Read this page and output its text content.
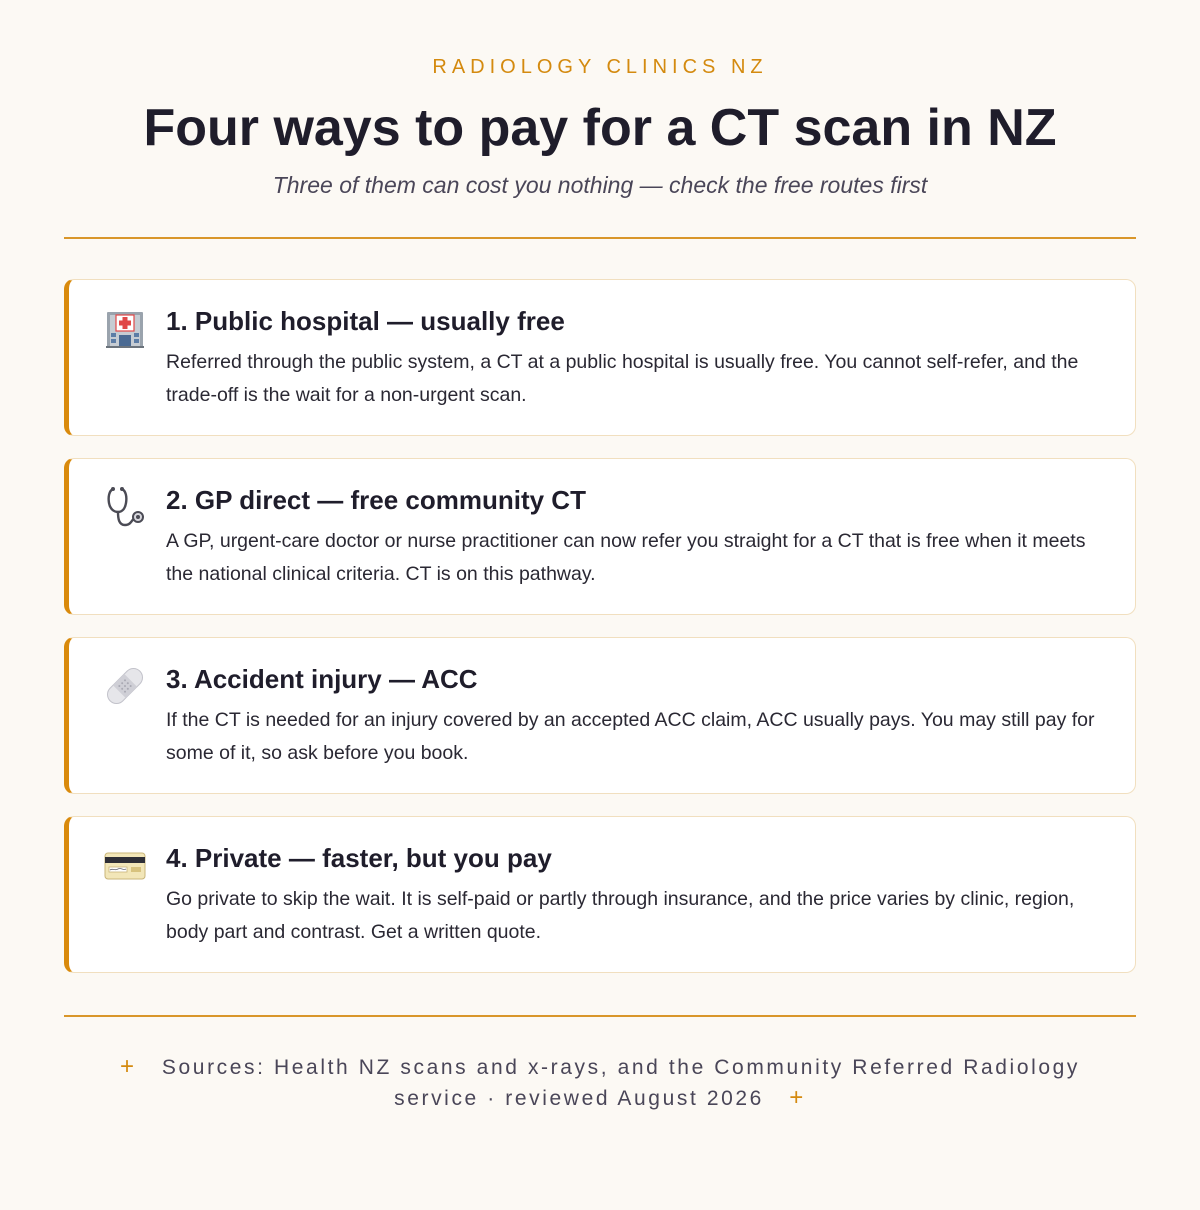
RADIOLOGY CLINICS NZ
Four ways to pay for a CT scan in NZ
Three of them can cost you nothing — check the free routes first
1. Public hospital — usually free
Referred through the public system, a CT at a public hospital is usually free. You cannot self-refer, and the trade-off is the wait for a non-urgent scan.
2. GP direct — free community CT
A GP, urgent-care doctor or nurse practitioner can now refer you straight for a CT that is free when it meets the national clinical criteria. CT is on this pathway.
3. Accident injury — ACC
If the CT is needed for an injury covered by an accepted ACC claim, ACC usually pays. You may still pay for some of it, so ask before you book.
4. Private — faster, but you pay
Go private to skip the wait. It is self-paid or partly through insurance, and the price varies by clinic, region, body part and contrast. Get a written quote.
+ Sources: Health NZ scans and x-rays, and the Community Referred Radiology service · reviewed August 2026 +
